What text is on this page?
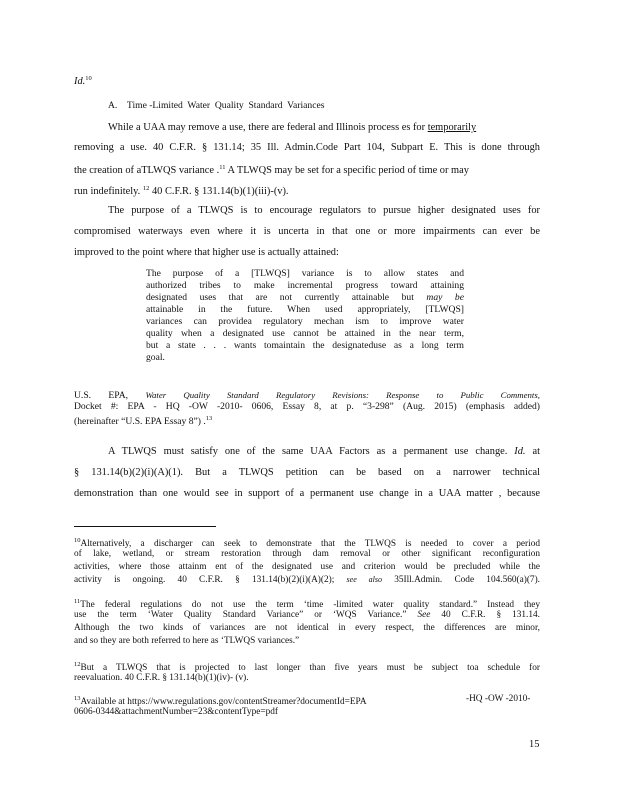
Id.$^{10}$
A. Time -Limited  Water  Quality  Standard  Variances
While a UAA may remove a use, there are federal and Illinois process es for temporarily
removing a use. 40 C.F.R. § 131.14; 35 Ill. Admin.Code Part 104, Subpart E. This is done through
the creation of aTLWQS variance .$^{11}$ A TLWQS may be set for a specific period of time or may
run indefinitely. $^{12}$ 40 C.F.R. § 131.14(b)(1)(iii)-(v).
The purpose of a TLWQS is to encourage regulators to pursue higher designated uses for
compromised waterways even where it is uncerta in that one or more impairments can ever be
improved to the point where that higher use is actually attained:
The purpose of a [TLWQS] variance is to allow states and
authorized tribes to make incremental progress toward attaining
designated uses that are not currently attainable but may be
attainable in the future. When used appropriately, [TLWQS]
variances can providea regulatory mechan ism to improve water
quality when a designated use cannot be attained in the near term,
but a state . . . wants tomaintain the designateduse as a long term
goal.
U.S. EPA, Water Quality Standard Regulatory Revisions: Response to Public Comments,
Docket #: EPA - HQ -OW -2010- 0606, Essay 8, at p. “3-298” (Aug. 2015) (emphasis added)
(hereinafter “U.S. EPA Essay 8”) .$^{13}$
A TLWQS must satisfy one of the same UAA Factors as a permanent use change. Id. at
§ 131.14(b)(2)(i)(A)(1). But a TLWQS petition can be based on a narrower technical
demonstration than one would see in support of a permanent use change in a UAA matter , because
$^{10}$Alternatively, a discharger can seek to demonstrate that the TLWQS is needed to cover a period
of lake, wetland, or stream restoration through dam removal or other significant reconfiguration
activities, where those attainm ent of the designated use and criterion would be precluded while the
activity is ongoing. 40 C.F.R. § 131.14(b)(2)(i)(A)(2); see also 35Ill.Admin. Code 104.560(a)(7).
$^{11}$The federal regulations do not use the term ‘time -limited water quality standard.” Instead they
use the term ‘Water Quality Standard Variance” or ‘WQS Variance.” See 40 C.F.R. § 131.14.
Although the two kinds of variances are not identical in every respect, the differences are minor,
and so they are both referred to here as ‘TLWQS variances.”
$^{12}$But a TLWQS that is projected to last longer than five years must be subject toa schedule for
reevaluation. 40 C.F.R. § 131.14(b)(1)(iv)- (v).
$^{13}$Available at https://www.regulations.gov/contentStreamer?documentId=EPA	-HQ -OW -2010-
0606-0344&attachmentNumber=23&contentType=pdf
15
